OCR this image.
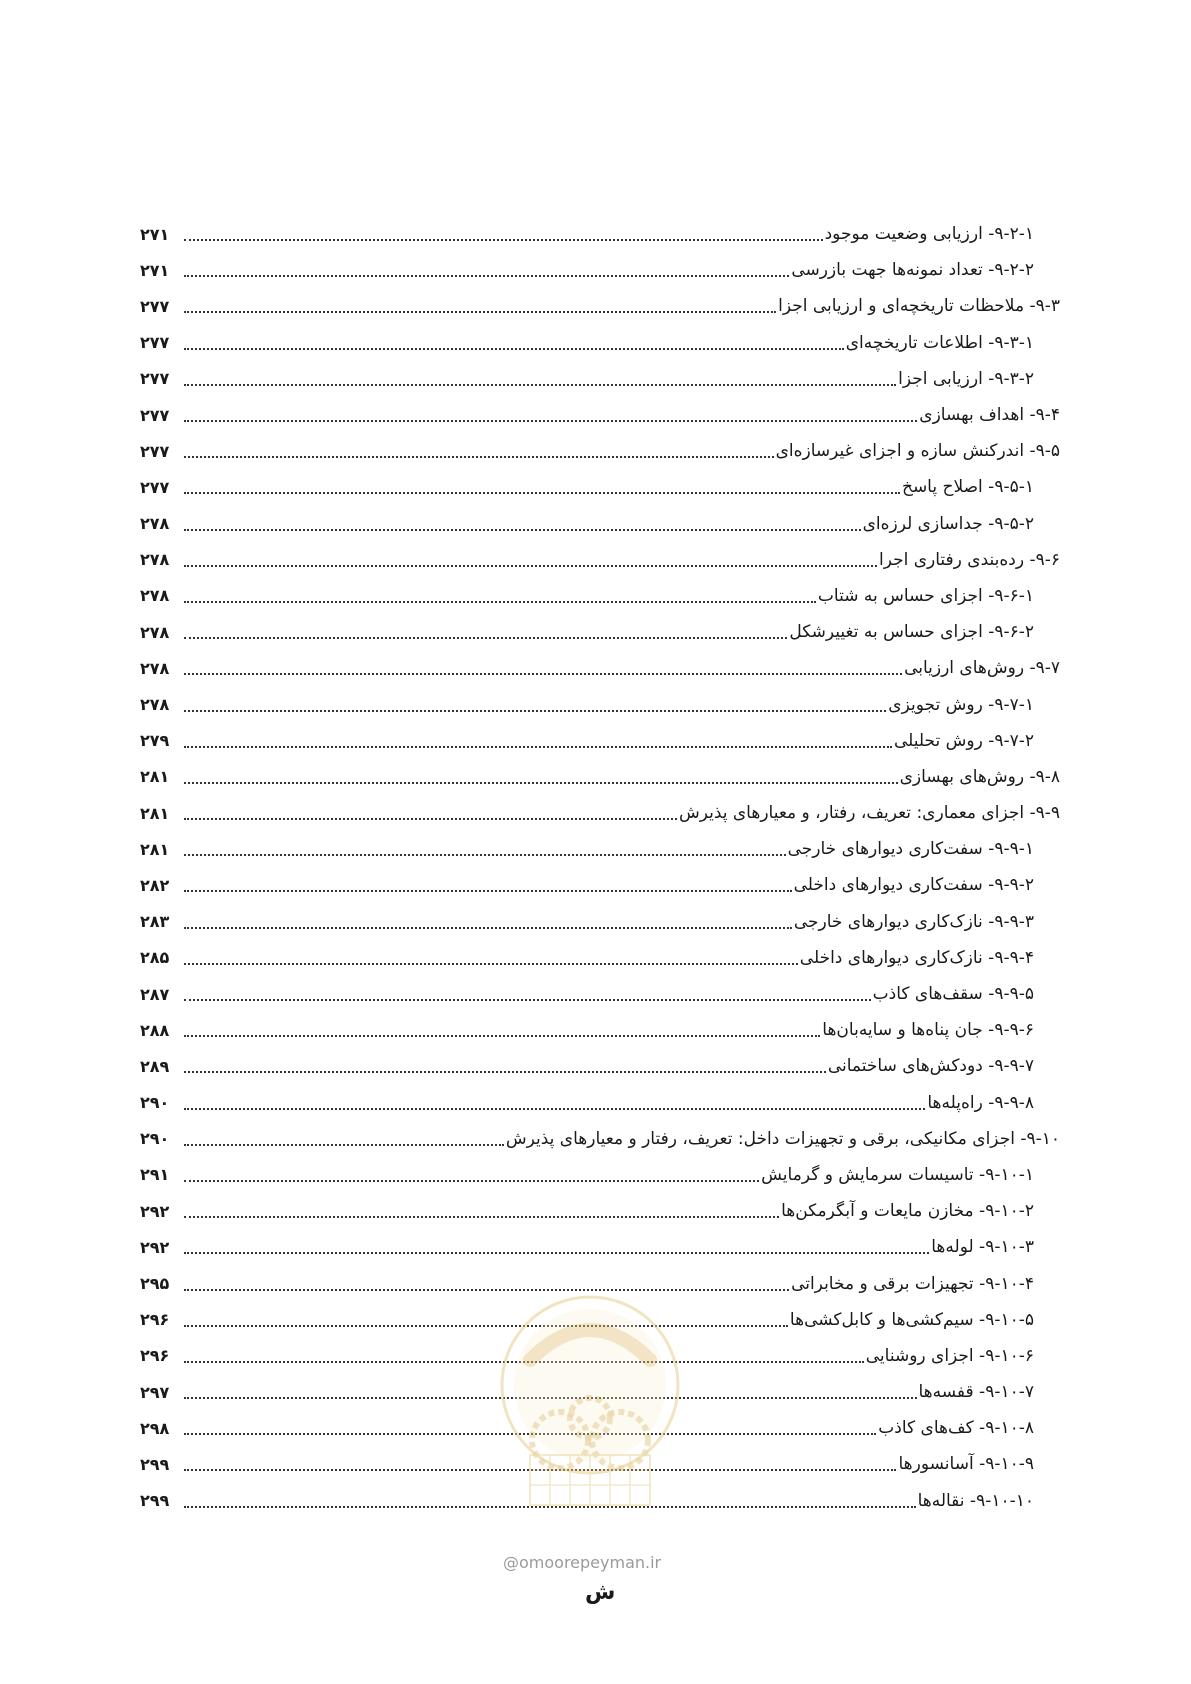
۹-۲-۱- ارزیابی وضعیت موجود
۲۷۱
۹-۲-۲- تعداد نمونه‌ها جهت بازرسی
۲۷۱
۹-۳- ملاحظات تاریخچه‌ای و ارزیابی اجزا
۲۷۷
۹-۳-۱- اطلاعات تاریخچه‌ای
۲۷۷
۹-۳-۲- ارزیابی اجزا
۲۷۷
۹-۴- اهداف بهسازی
۲۷۷
۹-۵- اندرکنش سازه و اجزای غیرسازه‌ای
۲۷۷
۹-۵-۱- اصلاح پاسخ
۲۷۷
۹-۵-۲- جداسازی لرزه‌ای
۲۷۸
۹-۶- رده‌بندی رفتاری اجرا
۲۷۸
۹-۶-۱- اجزای حساس به شتاب
۲۷۸
۹-۶-۲- اجزای حساس به تغییرشکل
۲۷۸
۹-۷- روش‌های ارزیابی
۲۷۸
۹-۷-۱- روش تجویزی
۲۷۸
۹-۷-۲- روش تحلیلی
۲۷۹
۹-۸- روش‌های بهسازی
۲۸۱
۹-۹- اجزای معماری: تعریف، رفتار، و معیارهای پذیرش
۲۸۱
۹-۹-۱- سفت‌کاری دیوارهای خارجی
۲۸۱
۹-۹-۲- سفت‌کاری دیوارهای داخلی
۲۸۲
۹-۹-۳- نازک‌کاری دیوارهای خارجی
۲۸۳
۹-۹-۴- نازک‌کاری دیوارهای داخلی
۲۸۵
۹-۹-۵- سقف‌های کاذب
۲۸۷
۹-۹-۶- جان پناه‌ها و سایه‌بان‌ها
۲۸۸
۹-۹-۷- دودکش‌های ساختمانی
۲۸۹
۹-۹-۸- راه‌پله‌ها
۲۹۰
۹-۱۰- اجزای مکانیکی، برقی و تجهیزات داخل: تعریف، رفتار و معیارهای پذیرش
۲۹۰
۹-۱۰-۱- تاسیسات سرمایش و گرمایش
۲۹۱
۹-۱۰-۲- مخازن مایعات و آبگرمکن‌ها
۲۹۲
۹-۱۰-۳- لوله‌ها
۲۹۲
۹-۱۰-۴- تجهیزات برقی و مخابراتی
۲۹۵
۹-۱۰-۵- سیم‌کشی‌ها و کابل‌کشی‌ها
۲۹۶
۹-۱۰-۶- اجزای روشنایی
۲۹۶
۹-۱۰-۷- قفسه‌ها
۲۹۷
۹-۱۰-۸- کف‌های کاذب
۲۹۸
۹-۱۰-۹- آسانسورها
۲۹۹
۹-۱۰-۱۰- نقاله‌ها
۲۹۹
@omoorepeyman.ir
ش
